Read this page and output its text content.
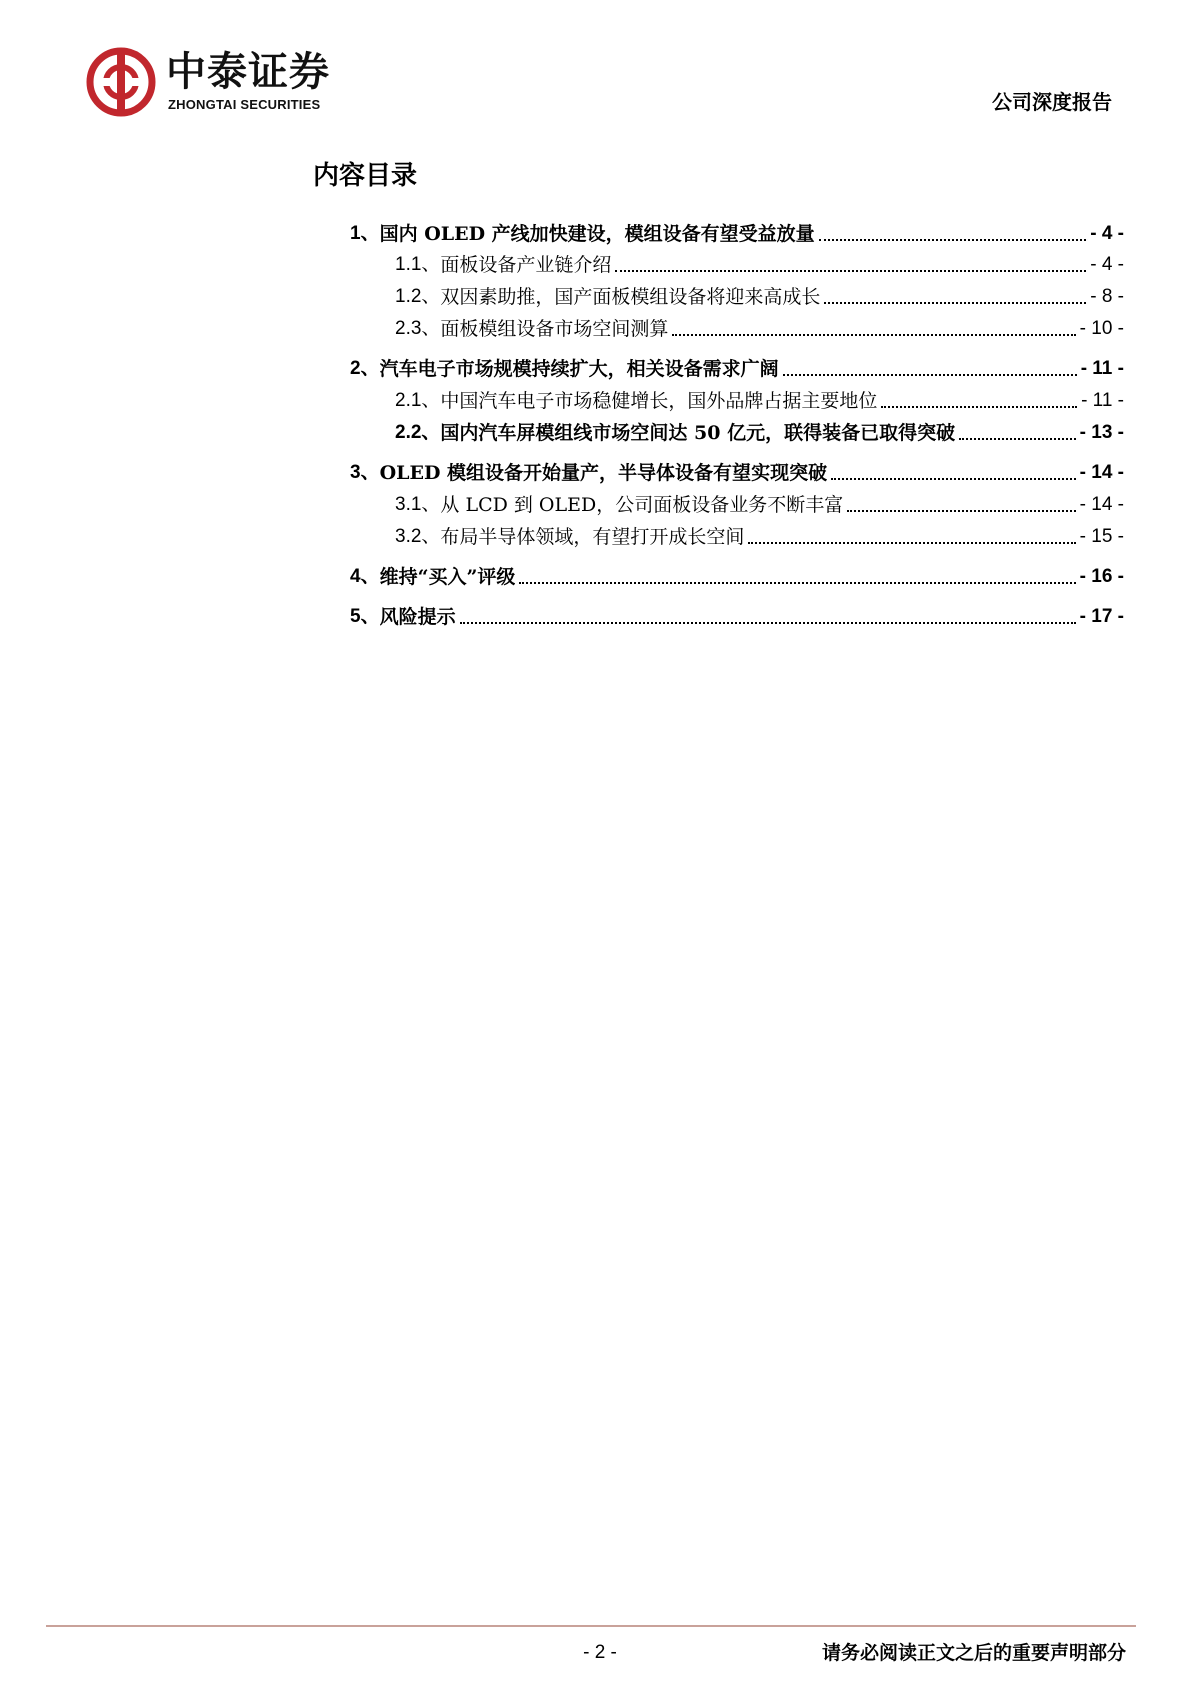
中泰证券
ZHONGTAI SECURITIES	公司深度报告
内容目录
1、 国内 OLED 产线加快建设，模组设备有望受益放量	- 4 -
1.1、 面板设备产业链介绍	- 4 -
1.2、 双因素助推，国产面板模组设备将迎来高成长	- 8 -
2.3、 面板模组设备市场空间测算	- 10 -
2、 汽车电子市场规模持续扩大，相关设备需求广阔	- 11 -
2.1、 中国汽车电子市场稳健增长，国外品牌占据主要地位	- 11 -
2.2、 国内汽车屏模组线市场空间达 50 亿元，联得装备已取得突破	- 13 -
3、 OLED 模组设备开始量产，半导体设备有望实现突破	- 14 -
3.1、 从 LCD 到 OLED，公司面板设备业务不断丰富	- 14 -
3.2、 布局半导体领域，有望打开成长空间	- 15 -
4、 维持“买入”评级	- 16 -
5、 风险提示	- 17 -
- 2 -	请务必阅读正文之后的重要声明部分
